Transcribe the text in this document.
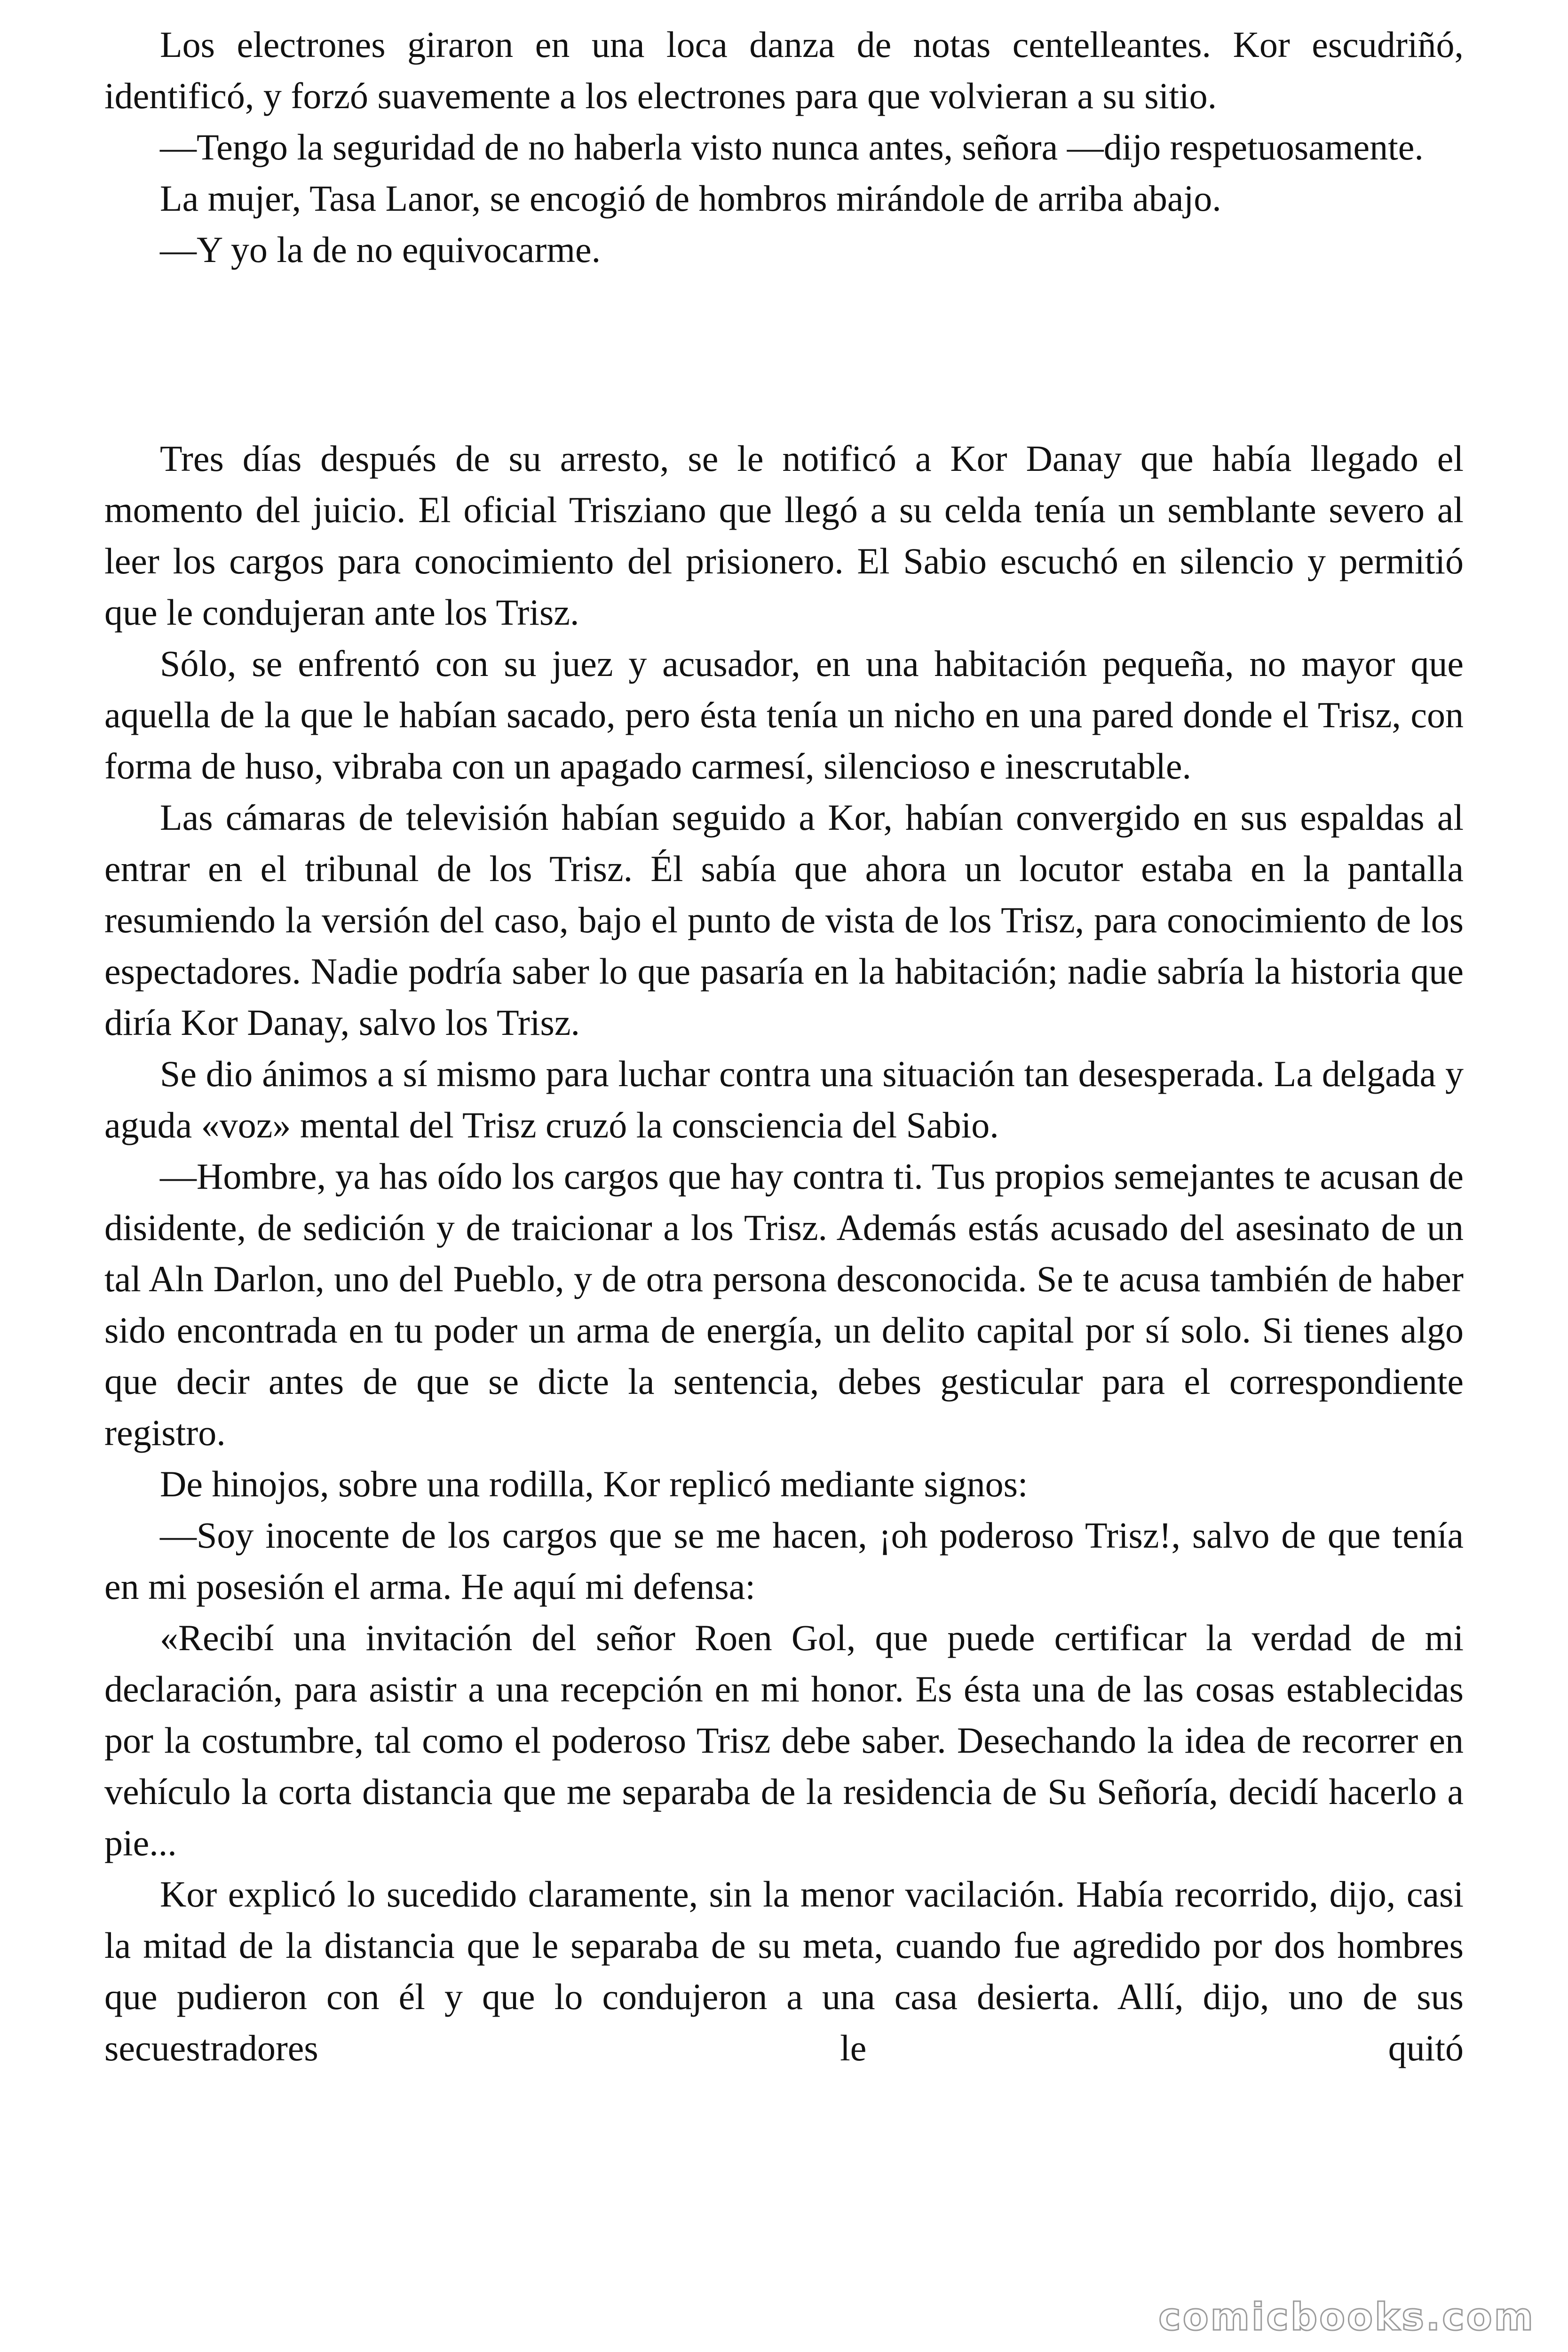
Los electrones giraron en una loca danza de notas centelleantes. Kor escudriñó, identificó, y forzó suavemente a los electrones para que volvieran a su sitio.

—Tengo la seguridad de no haberla visto nunca antes, señora —dijo respetuosamente.

La mujer, Tasa Lanor, se encogió de hombros mirándole de arriba abajo.

—Y yo la de no equivocarme.

Tres días después de su arresto, se le notificó a Kor Danay que había llegado el momento del juicio. El oficial Trisziano que llegó a su celda tenía un semblante severo al leer los cargos para conocimiento del prisionero. El Sabio escuchó en silencio y permitió que le condujeran ante los Trisz.

Sólo, se enfrentó con su juez y acusador, en una habitación pequeña, no mayor que aquella de la que le habían sacado, pero ésta tenía un nicho en una pared donde el Trisz, con forma de huso, vibraba con un apagado carmesí, silencioso e inescrutable.

Las cámaras de televisión habían seguido a Kor, habían convergido en sus espaldas al entrar en el tribunal de los Trisz. Él sabía que ahora un locutor estaba en la pantalla resumiendo la versión del caso, bajo el punto de vista de los Trisz, para conocimiento de los espectadores. Nadie podría saber lo que pasaría en la habitación; nadie sabría la historia que diría Kor Danay, salvo los Trisz.

Se dio ánimos a sí mismo para luchar contra una situación tan desesperada. La delgada y aguda «voz» mental del Trisz cruzó la consciencia del Sabio.

—Hombre, ya has oído los cargos que hay contra ti. Tus propios semejantes te acusan de disidente, de sedición y de traicionar a los Trisz. Además estás acusado del asesinato de un tal Aln Darlon, uno del Pueblo, y de otra persona desconocida. Se te acusa también de haber sido encontrada en tu poder un arma de energía, un delito capital por sí solo. Si tienes algo que decir antes de que se dicte la sentencia, debes gesticular para el correspondiente registro.

De hinojos, sobre una rodilla, Kor replicó mediante signos:

—Soy inocente de los cargos que se me hacen, ¡oh poderoso Trisz!, salvo de que tenía en mi posesión el arma. He aquí mi defensa:

«Recibí una invitación del señor Roen Gol, que puede certificar la verdad de mi declaración, para asistir a una recepción en mi honor. Es ésta una de las cosas establecidas por la costumbre, tal como el poderoso Trisz debe saber. Desechando la idea de recorrer en vehículo la corta distancia que me separaba de la residencia de Su Señoría, decidí hacerlo a pie...

Kor explicó lo sucedido claramente, sin la menor vacilación. Había recorrido, dijo, casi la mitad de la distancia que le separaba de su meta, cuando fue agredido por dos hombres que pudieron con él y que lo condujeron a una casa desierta. Allí, dijo, uno de sus secuestradores le quitó

comicbooks.com
